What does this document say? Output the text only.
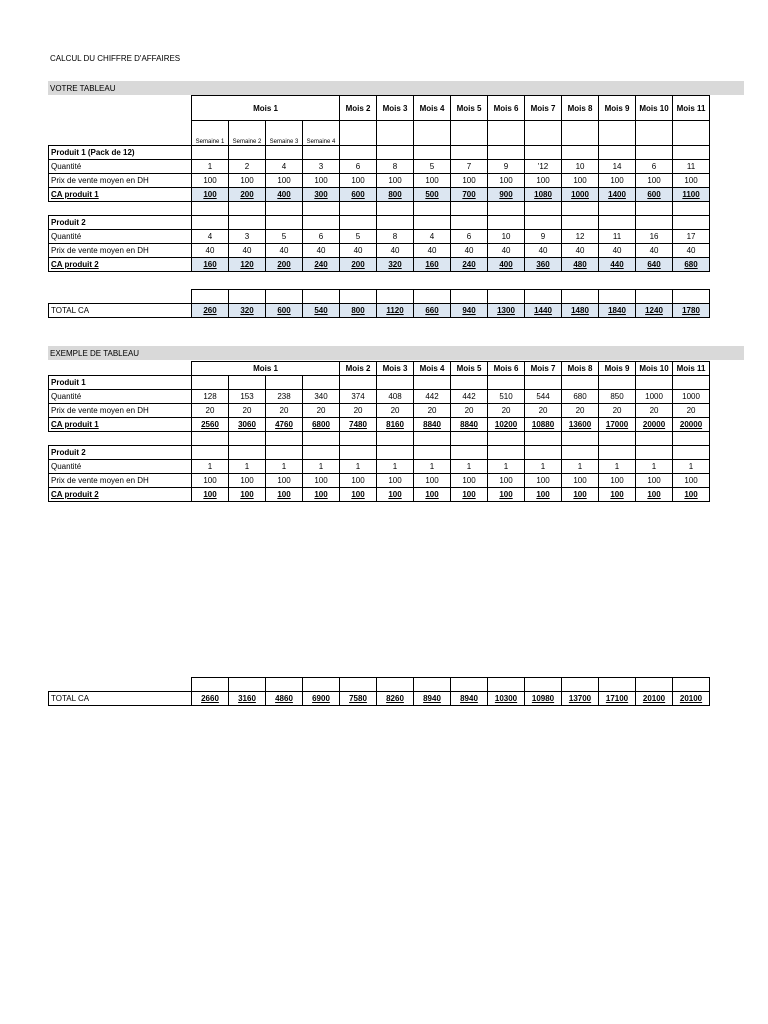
CALCUL DU CHIFFRE D'AFFAIRES
VOTRE TABLEAU
EXEMPLE DE TABLEAU
	Mois 1				Mois 2	Mois 3	Mois 4	Mois 5	Mois 6	Mois 7	Mois 8	Mois 9	Mois 10	Mois 11
	Semaine 1	Semaine 2	Semaine 3	Semaine 4										
Produit 1 (Pack de 12)														
Quantité	1	2	4	3	6	8	5	7	9	'12	10	14	6	11
Prix de vente moyen en DH	100	100	100	100	100	100	100	100	100	100	100	100	100	100
CA produit 1	100	200	400	300	600	800	500	700	900	1080	1000	1400	600	1100

Produit 2														
Quantité	4	3	5	6	5	8	4	6	10	9	12	11	16	17
Prix de vente moyen en DH	40	40	40	40	40	40	40	40	40	40	40	40	40	40
CA produit 2	160	120	200	240	200	320	160	240	400	360	480	440	640	680

TOTAL CA	260	320	600	540	800	1120	660	940	1300	1440	1480	1840	1240	1780
	Mois 1				Mois 2	Mois 3	Mois 4	Mois 5	Mois 6	Mois 7	Mois 8	Mois 9	Mois 10	Mois 11
Produit 1														
Quantité	128	153	238	340	374	408	442	442	510	544	680	850	1000	1000
Prix de vente moyen en DH	20	20	20	20	20	20	20	20	20	20	20	20	20	20
CA produit 1	2560	3060	4760	6800	7480	8160	8840	8840	10200	10880	13600	17000	20000	20000

Produit 2														
Quantité	1	1	1	1	1	1	1	1	1	1	1	1	1	1
Prix de vente moyen en DH	100	100	100	100	100	100	100	100	100	100	100	100	100	100
CA produit 2	100	100	100	100	100	100	100	100	100	100	100	100	100	100

TOTAL CA	2660	3160	4860	6900	7580	8260	8940	8940	10300	10980	13700	17100	20100	20100
